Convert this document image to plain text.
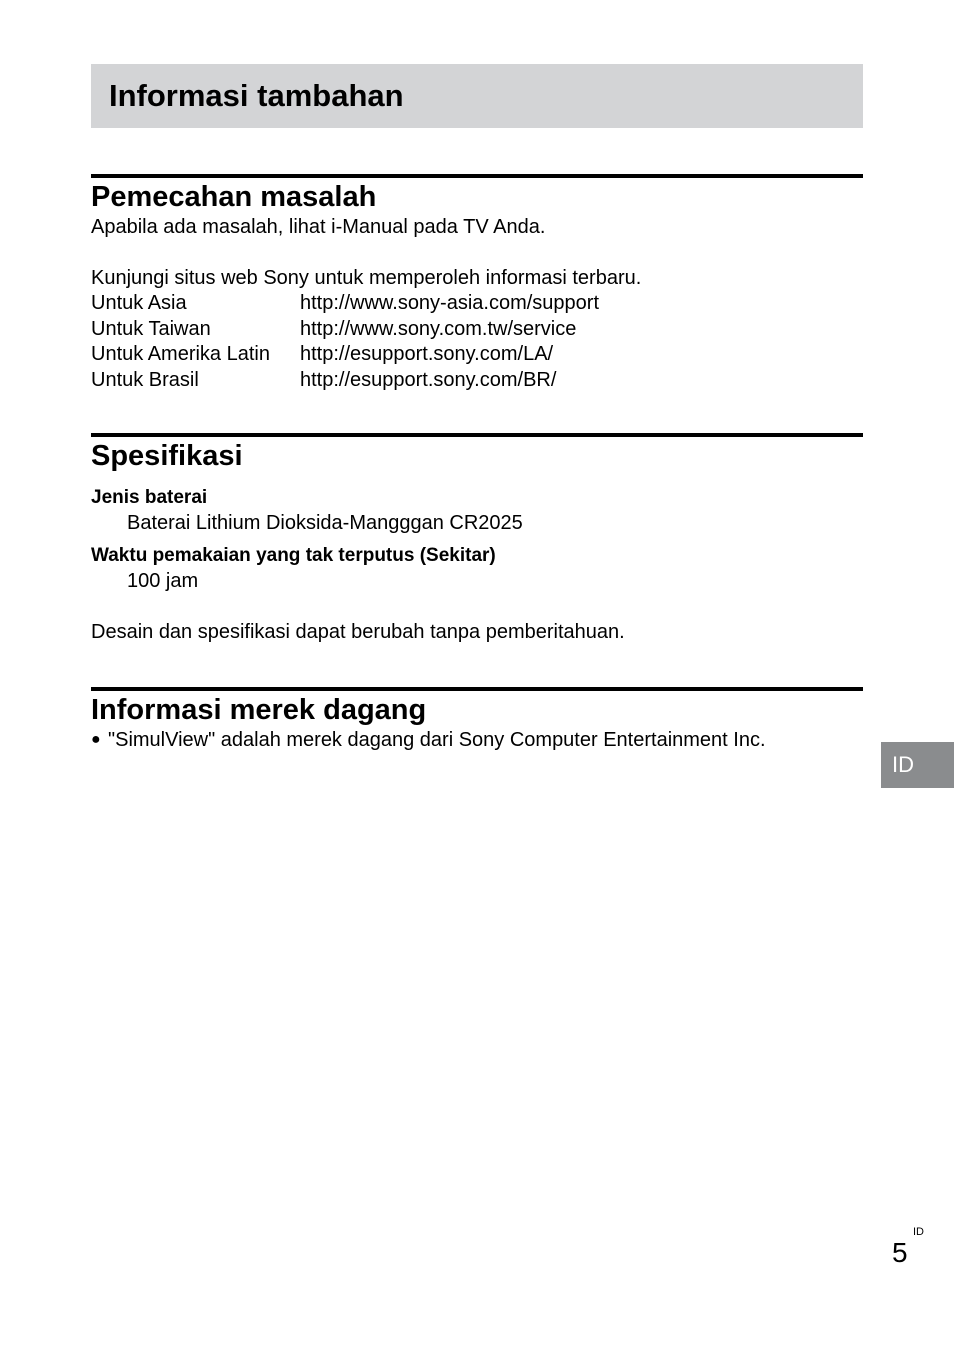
Informasi tambahan
Pemecahan masalah

Apabila ada masalah, lihat i-Manual pada TV Anda.

Kunjungi situs web Sony untuk memperoleh informasi terbaru.

Untuk Asia	http://www.sony-asia.com/support
Untuk Taiwan	http://www.sony.com.tw/service
Untuk Amerika Latin	http://esupport.sony.com/LA/
Untuk Brasil	http://esupport.sony.com/BR/
Spesifikasi

Jenis baterai

Baterai Lithium Dioksida-Mangggan CR2025

Waktu pemakaian yang tak terputus (Sekitar)

100 jam

Desain dan spesifikasi dapat berubah tanpa pemberitahuan.

Informasi merek dagang
● "SimulView" adalah merek dagang dari Sony Computer Entertainment Inc.
ID
ID
5
